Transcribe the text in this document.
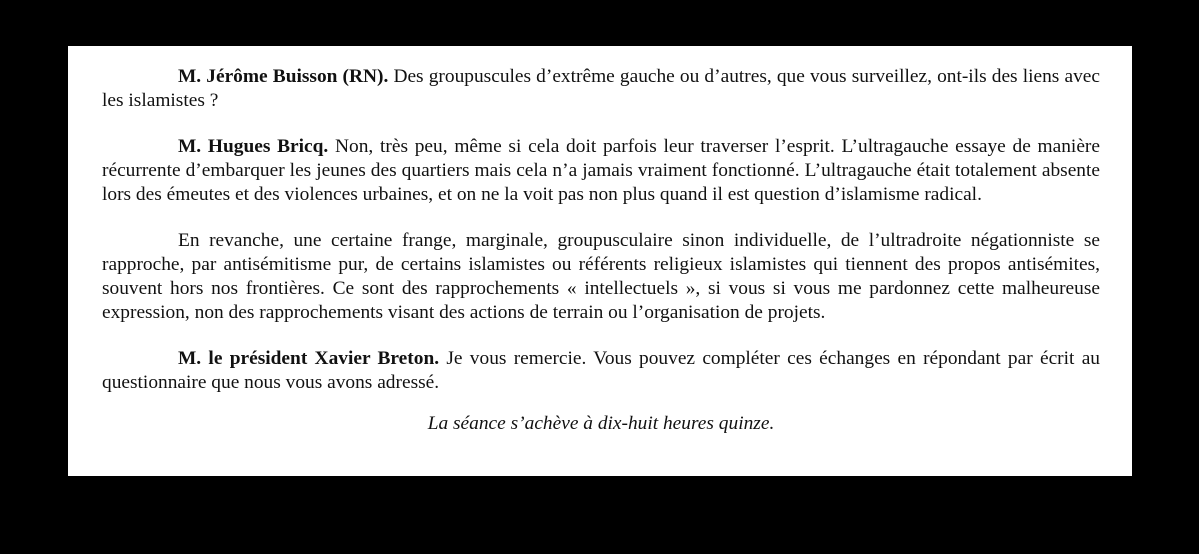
M. Jérôme Buisson (RN). Des groupuscules d’extrême gauche ou d’autres, que vous surveillez, ont-ils des liens avec les islamistes ?

M. Hugues Bricq. Non, très peu, même si cela doit parfois leur traverser l’esprit. L’ultragauche essaye de manière récurrente d’embarquer les jeunes des quartiers mais cela n’a jamais vraiment fonctionné. L’ultragauche était totalement absente lors des émeutes et des violences urbaines, et on ne la voit pas non plus quand il est question d’islamisme radical.

En revanche, une certaine frange, marginale, groupusculaire sinon individuelle, de l’ultradroite négationniste se rapproche, par antisémitisme pur, de certains islamistes ou référents religieux islamistes qui tiennent des propos antisémites, souvent hors nos frontières. Ce sont des rapprochements « intellectuels », si vous si vous me pardonnez cette malheureuse expression, non des rapprochements visant des actions de terrain ou l’organisation de projets.

M. le président Xavier Breton. Je vous remercie. Vous pouvez compléter ces échanges en répondant par écrit au questionnaire que nous vous avons adressé.

La séance s’achève à dix-huit heures quinze.
